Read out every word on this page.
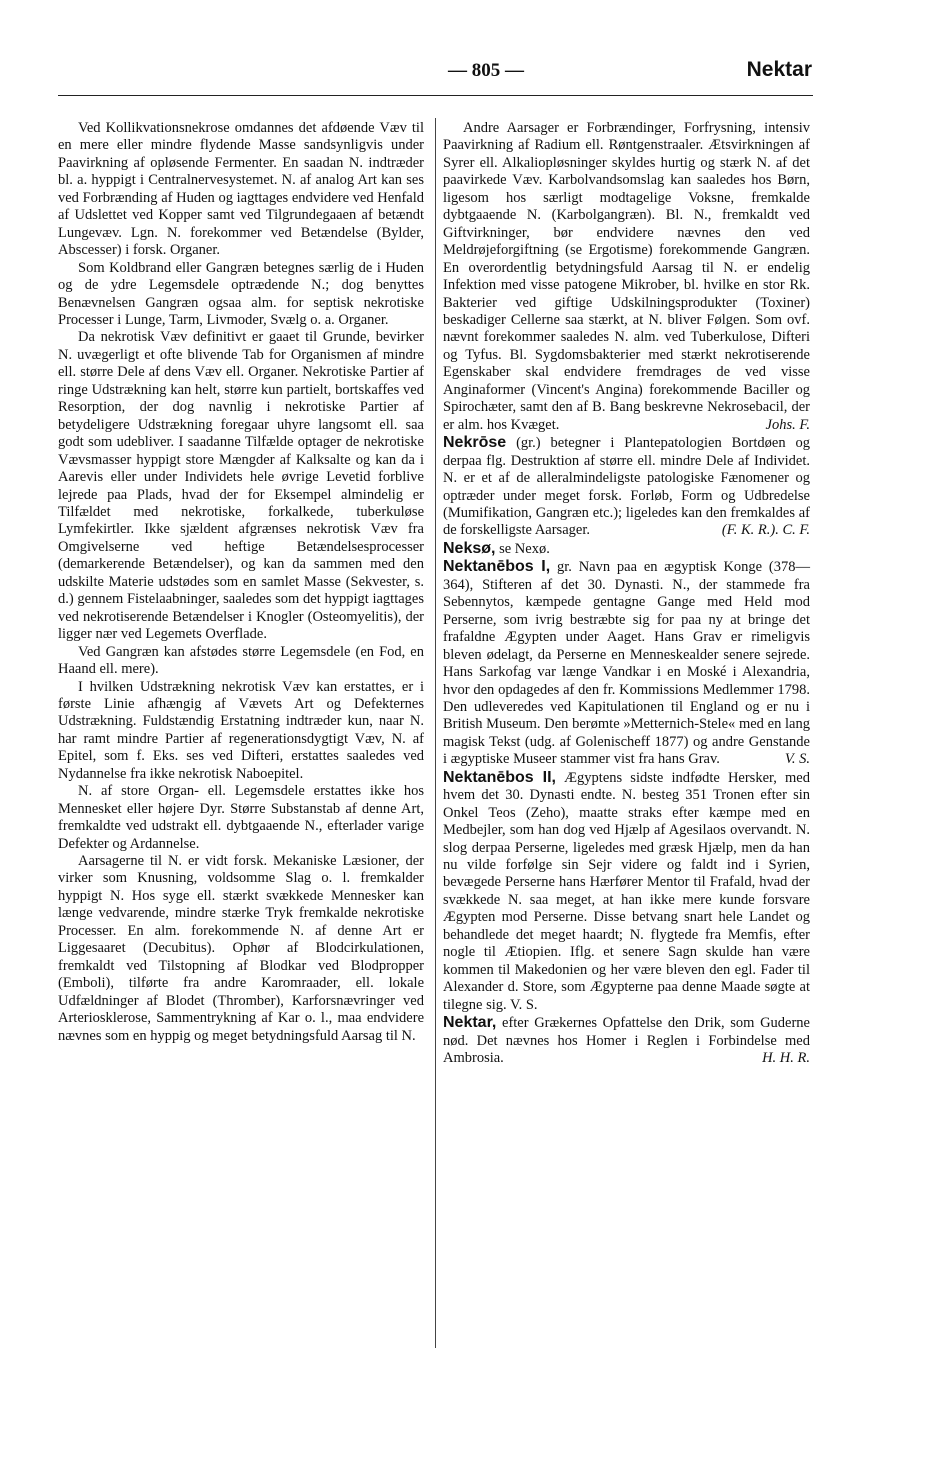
— 805 —	Nektar

Ved Kollikvationsnekrose omdannes det afdøende Væv til en mere eller mindre flydende Masse sandsynligvis under Paavirkning af opløsende Fermenter. En saadan N. indtræder bl. a. hyppigt i Centralnervesystemet. N. af analog Art kan ses ved Forbrænding af Huden og iagttages endvidere ved Henfald af Udslettet ved Kopper samt ved Tilgrundegaaen af betændt Lungevæv. Lgn. N. forekommer ved Betændelse (Bylder, Abscesser) i forsk. Organer.

Som Koldbrand eller Gangræn betegnes særlig de i Huden og de ydre Legemsdele optrædende N.; dog benyttes Benævnelsen Gangræn ogsaa alm. for septisk nekrotiske Processer i Lunge, Tarm, Livmoder, Svælg o. a. Organer.

Da nekrotisk Væv definitivt er gaaet til Grunde, bevirker N. uvægerligt et ofte blivende Tab for Organismen af mindre ell. større Dele af dens Væv ell. Organer. Nekrotiske Partier af ringe Udstrækning kan helt, større kun partielt, bortskaffes ved Resorption, der dog navnlig i nekrotiske Partier af betydeligere Udstrækning foregaar uhyre langsomt ell. saa godt som udebliver. I saadanne Tilfælde optager de nekrotiske Vævsmasser hyppigt store Mængder af Kalksalte og kan da i Aarevis eller under Individets hele øvrige Levetid forblive lejrede paa Plads, hvad der for Eksempel almindelig er Tilfældet med nekrotiske, forkalkede, tuberkuløse Lymfekirtler. Ikke sjældent afgrænses nekrotisk Væv fra Omgivelserne ved heftige Betændelsesprocesser (demarkerende Betændelser), og kan da sammen med den udskilte Materie udstødes som en samlet Masse (Sekvester, s. d.) gennem Fistelaabninger, saaledes som det hyppigt iagttages ved nekrotiserende Betændelser i Knogler (Osteomyelitis), der ligger nær ved Legemets Overflade.

Ved Gangræn kan afstødes større Legemsdele (en Fod, en Haand ell. mere).

I hvilken Udstrækning nekrotisk Væv kan erstattes, er i første Linie afhængig af Vævets Art og Defekternes Udstrækning. Fuldstændig Erstatning indtræder kun, naar N. har ramt mindre Partier af regenerationsdygtigt Væv, N. af Epitel, som f. Eks. ses ved Difteri, erstattes saaledes ved Nydannelse fra ikke nekrotisk Naboepitel.

N. af store Organ- ell. Legemsdele erstattes ikke hos Mennesket eller højere Dyr. Større Substanstab af denne Art, fremkaldte ved udstrakt ell. dybtgaaende N., efterlader varige Defekter og Ardannelse.

Aarsagerne til N. er vidt forsk. Mekaniske Læsioner, der virker som Knusning, voldsomme Slag o. l. fremkalder hyppigt N. Hos syge ell. stærkt svækkede Mennesker kan længe vedvarende, mindre stærke Tryk fremkalde nekrotiske Processer. En alm. forekommende N. af denne Art er Liggesaaret (Decubitus). Ophør af Blodcirkulationen, fremkaldt ved Tilstopning af Blodkar ved Blodpropper (Emboli), tilførte fra andre Karomraader, ell. lokale Udfældninger af Blodet (Thromber), Karforsnævringer ved Arteriosklerose, Sammentrykning af Kar o. l., maa endvidere nævnes som en hyppig og meget betydningsfuld Aarsag til N.

Andre Aarsager er Forbrændinger, Forfrysning, intensiv Paavirkning af Radium ell. Røntgenstraaler. Ætsvirkningen af Syrer ell. Alkaliopløsninger skyldes hurtig og stærk N. af det paavirkede Væv. Karbolvandsomslag kan saaledes hos Børn, ligesom hos særligt modtagelige Voksne, fremkalde dybtgaaende N. (Karbolgangræn). Bl. N., fremkaldt ved Giftvirkninger, bør endvidere nævnes den ved Meldrøjeforgiftning (se Ergotisme) forekommende Gangræn. En overordentlig betydningsfuld Aarsag til N. er endelig Infektion med visse patogene Mikrober, bl. hvilke en stor Rk. Bakterier ved giftige Udskilningsprodukter (Toxiner) beskadiger Cellerne saa stærkt, at N. bliver Følgen. Som ovf. nævnt forekommer saaledes N. alm. ved Tuberkulose, Difteri og Tyfus. Bl. Sygdomsbakterier med stærkt nekrotiserende Egenskaber skal endvidere fremdrages de ved visse Anginaformer (Vincent's Angina) forekommende Baciller og Spirochæter, samt den af B. Bang beskrevne Nekrosebacil, der er alm. hos Kvæget.	Johs. F.

Nekrōse (gr.) betegner i Plantepatologien Bortdøen og derpaa flg. Destruktion af større ell. mindre Dele af Individet. N. er et af de alleralmindeligste patologiske Fænomener og optræder under meget forsk. Forløb, Form og Udbredelse (Mumifikation, Gangræn etc.); ligeledes kan den fremkaldes af de forskelligste Aarsager.	(F. K. R.). C. F.

Neksø, se Nexø.

Nektanēbos I, gr. Navn paa en ægyptisk Konge (378—364), Stifteren af det 30. Dynasti. N., der stammede fra Sebennytos, kæmpede gentagne Gange med Held mod Perserne, som ivrig bestræbte sig for paa ny at bringe det frafaldne Ægypten under Aaget. Hans Grav er rimeligvis bleven ødelagt, da Perserne en Menneskealder senere sejrede. Hans Sarkofag var længe Vandkar i en Moské i Alexandria, hvor den opdagedes af den fr. Kommissions Medlemmer 1798. Den udleveredes ved Kapitulationen til England og er nu i British Museum. Den berømte »Metternich-Stele« med en lang magisk Tekst (udg. af Golenischeff 1877) og andre Genstande i ægyptiske Museer stammer vist fra hans Grav.	V. S.

Nektanēbos II, Ægyptens sidste indfødte Hersker, med hvem det 30. Dynasti endte. N. besteg 351 Tronen efter sin Onkel Teos (Zeho), maatte straks efter kæmpe med en Medbejler, som han dog ved Hjælp af Agesilaos overvandt. N. slog derpaa Perserne, ligeledes med græsk Hjælp, men da han nu vilde forfølge sin Sejr videre og faldt ind i Syrien, bevægede Perserne hans Hærfører Mentor til Frafald, hvad der svækkede N. saa meget, at han ikke mere kunde forsvare Ægypten mod Perserne. Disse betvang snart hele Landet og behandlede det meget haardt; N. flygtede fra Memfis, efter nogle til Ætiopien. Iflg. et senere Sagn skulde han være kommen til Makedonien og her være bleven den egl. Fader til Alexander d. Store, som Ægypterne paa denne Maade søgte at tilegne sig. V. S.

Nektar, efter Grækernes Opfattelse den Drik, som Guderne nød. Det nævnes hos Homer i Reglen i Forbindelse med Ambrosia.	H. H. R.
